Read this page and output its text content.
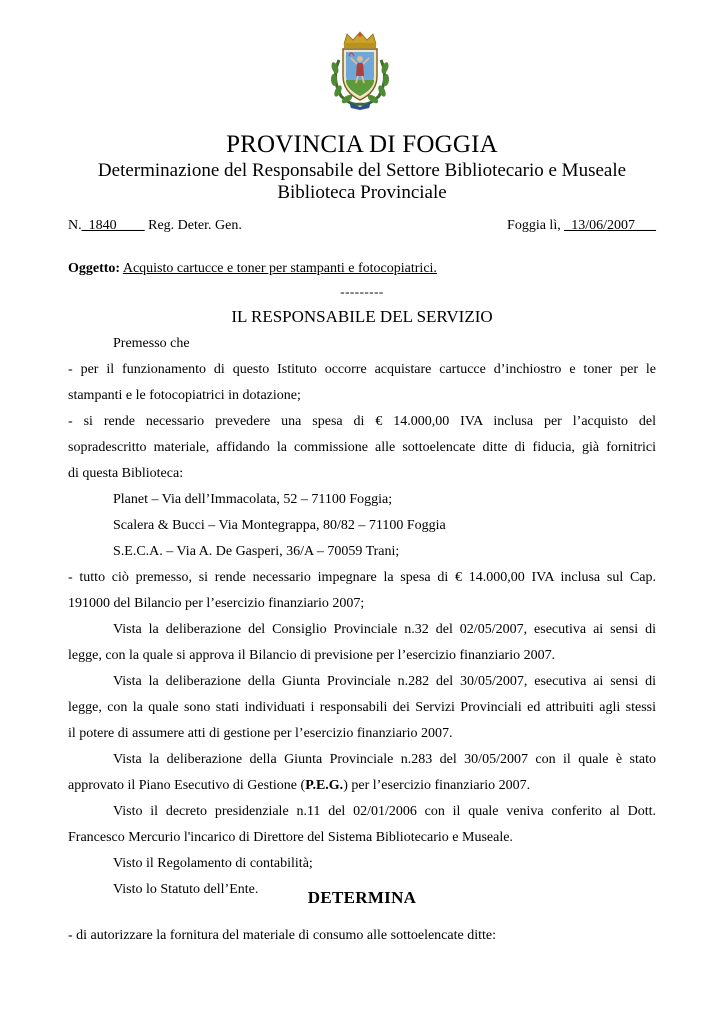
PROVINCIA DI FOGGIA
Determinazione del Responsabile del Settore Bibliotecario e Museale
Biblioteca Provinciale
N._1840____ Reg. Deter. Gen.	Foggia lì, _13/06/2007___
Oggetto: Acquisto cartucce e toner per stampanti e fotocopiatrici.
---------
IL RESPONSABILE DEL SERVIZIO
Premesso che
- per il funzionamento di questo Istituto occorre acquistare cartucce d’inchiostro e toner per le
stampanti e le fotocopiatrici in dotazione;
- si rende necessario prevedere una spesa di € 14.000,00 IVA inclusa per l’acquisto del
sopradescritto materiale, affidando la commissione alle sottoelencate ditte di fiducia, già fornitrici
di questa Biblioteca:
Planet – Via dell’Immacolata, 52 – 71100 Foggia;
Scalera & Bucci – Via Montegrappa, 80/82 – 71100 Foggia
S.E.C.A. – Via A. De Gasperi, 36/A – 70059 Trani;
- tutto ciò premesso, si rende necessario impegnare la spesa di € 14.000,00 IVA inclusa sul Cap.
191000 del Bilancio per l’esercizio finanziario 2007;
Vista la deliberazione del Consiglio Provinciale n.32 del 02/05/2007, esecutiva ai sensi di
legge, con la quale si approva il Bilancio di previsione per l’esercizio finanziario 2007.
Vista la deliberazione della Giunta Provinciale n.282 del 30/05/2007, esecutiva ai sensi di
legge, con la quale sono stati individuati i responsabili dei Servizi Provinciali ed attribuiti agli stessi
il potere di assumere atti di gestione per l’esercizio finanziario 2007.
Vista la deliberazione della Giunta Provinciale n.283 del 30/05/2007 con il quale è stato
approvato il Piano Esecutivo di Gestione (P.E.G.) per l’esercizio finanziario 2007.
Visto il decreto presidenziale n.11 del 02/01/2006 con il quale veniva conferito al Dott.
Francesco Mercurio l'incarico di Direttore del Sistema Bibliotecario e Museale.
Visto il Regolamento di contabilità;
Visto lo Statuto dell’Ente.	DETERMINA
- di autorizzare la fornitura del materiale di consumo alle sottoelencate ditte:
